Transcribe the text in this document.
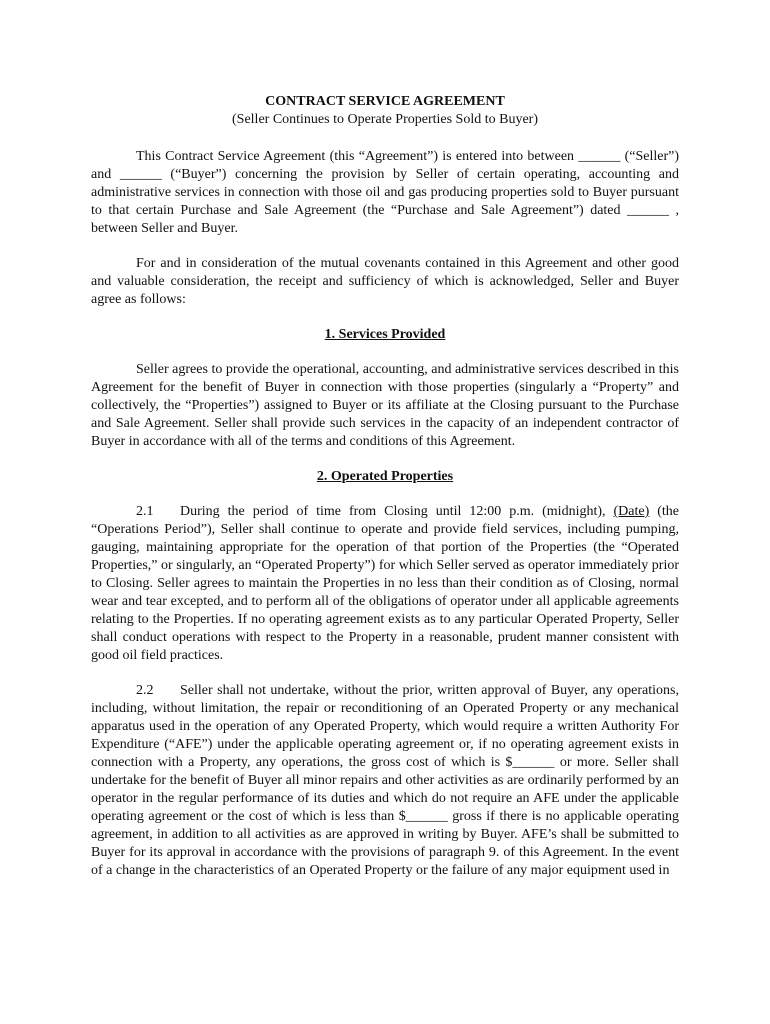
CONTRACT SERVICE AGREEMENT

(Seller Continues to Operate Properties Sold to Buyer)

This Contract Service Agreement (this “Agreement”) is entered into between ______ (“Seller”) and ______ (“Buyer”) concerning the provision by Seller of certain operating, accounting and administrative services in connection with those oil and gas producing properties sold to Buyer pursuant to that certain Purchase and Sale Agreement (the “Purchase and Sale Agreement”) dated ______ , between Seller and Buyer.

For and in consideration of the mutual covenants contained in this Agreement and other good and valuable consideration, the receipt and sufficiency of which is acknowledged, Seller and Buyer agree as follows:

1. Services Provided

Seller agrees to provide the operational, accounting, and administrative services described in this Agreement for the benefit of Buyer in connection with those properties (singularly a “Property” and collectively, the “Properties”) assigned to Buyer or its affiliate at the Closing pursuant to the Purchase and Sale Agreement. Seller shall provide such services in the capacity of an independent contractor of Buyer in accordance with all of the terms and conditions of this Agreement.

2. Operated Properties

2.1 During the period of time from Closing until 12:00 p.m. (midnight), (Date) (the “Operations Period”), Seller shall continue to operate and provide field services, including pumping, gauging, maintaining appropriate for the operation of that portion of the Properties (the “Operated Properties,” or singularly, an “Operated Property”) for which Seller served as operator immediately prior to Closing. Seller agrees to maintain the Properties in no less than their condition as of Closing, normal wear and tear excepted, and to perform all of the obligations of operator under all applicable agreements relating to the Properties. If no operating agreement exists as to any particular Operated Property, Seller shall conduct operations with respect to the Property in a reasonable, prudent manner consistent with good oil field practices.

2.2 Seller shall not undertake, without the prior, written approval of Buyer, any operations, including, without limitation, the repair or reconditioning of an Operated Property or any mechanical apparatus used in the operation of any Operated Property, which would require a written Authority For Expenditure (“AFE”) under the applicable operating agreement or, if no operating agreement exists in connection with a Property, any operations, the gross cost of which is $______ or more. Seller shall undertake for the benefit of Buyer all minor repairs and other activities as are ordinarily performed by an operator in the regular performance of its duties and which do not require an AFE under the applicable operating agreement or the cost of which is less than $______ gross if there is no applicable operating agreement, in addition to all activities as are approved in writing by Buyer. AFE’s shall be submitted to Buyer for its approval in accordance with the provisions of paragraph 9. of this Agreement. In the event of a change in the characteristics of an Operated Property or the failure of any major equipment used in
